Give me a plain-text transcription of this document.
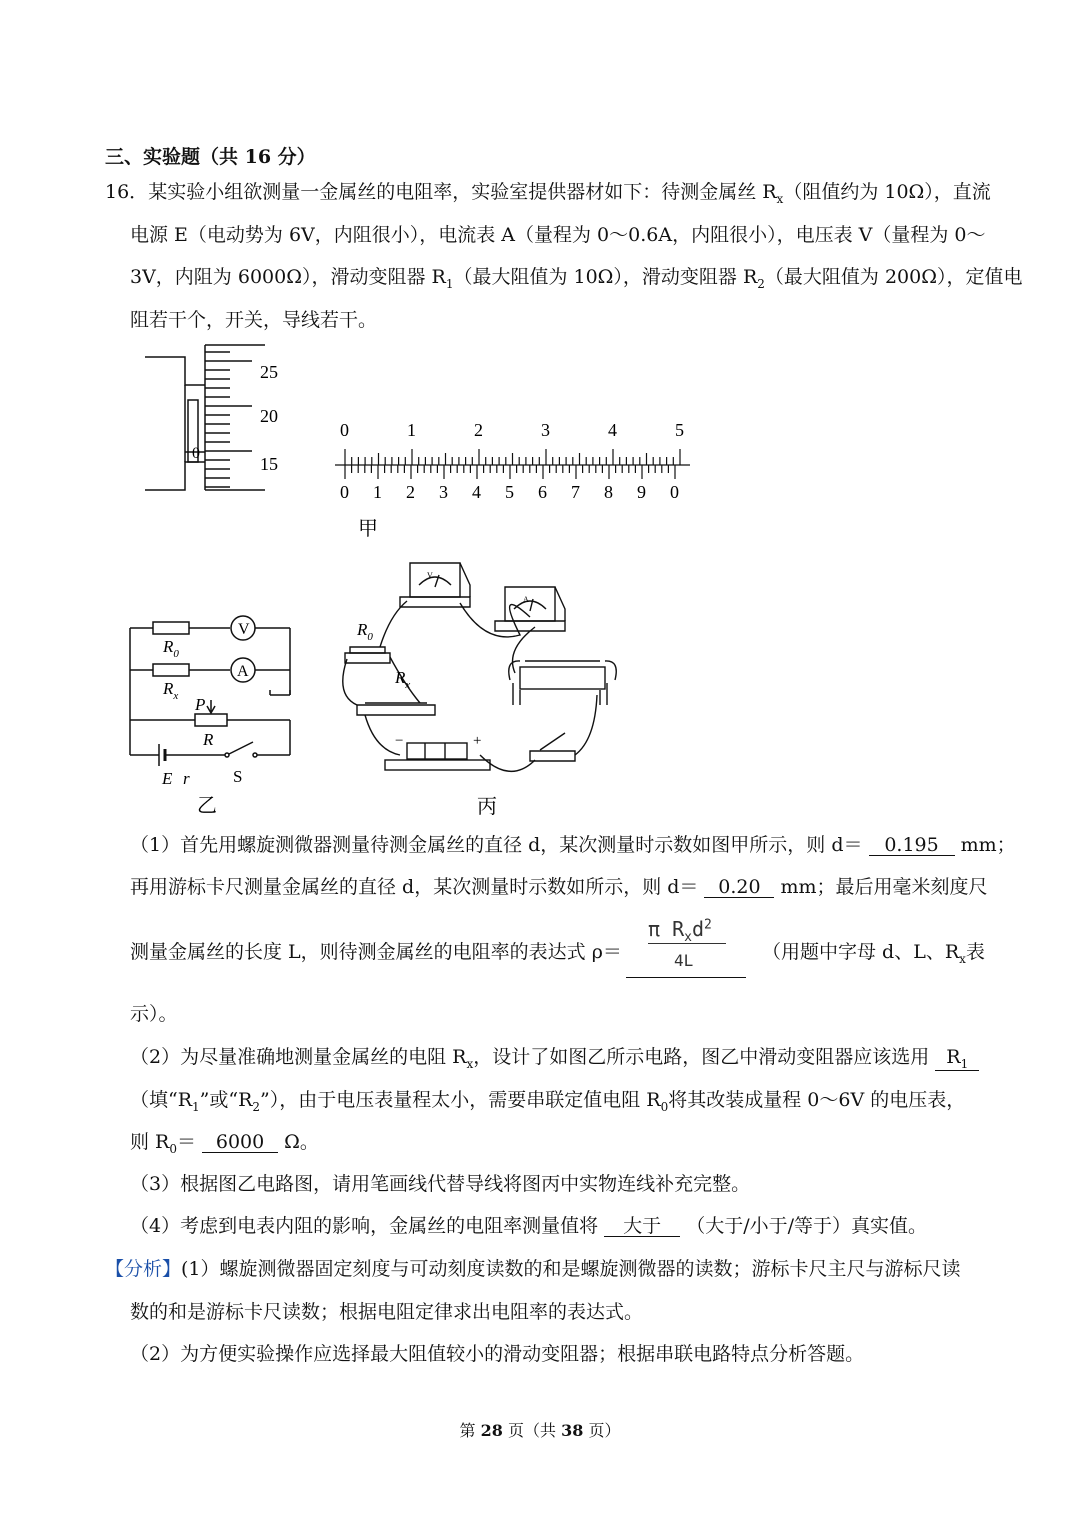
三、实验题（共 16 分）
16．某实验小组欲测量一金属丝的电阻率，实验室提供器材如下：待测金属丝 $R_x$（阻值约为 10Ω），直流
电源 E（电动势为 6V，内阻很小），电流表 A（量程为 0～0.6A，内阻很小），电压表 V（量程为 0～
3V，内阻为 6000Ω），滑动变阻器 $R_1$（最大阻值为 10Ω），滑动变阻器 $R_2$（最大阻值为 200Ω），定值电
阻若干个，开关，导线若干。
0
25
20
15
0	1	2	3	4	5
0 1 2 3 4 5 6 7 8 9 0
甲
V
A
$R_0$
$R_x$ P
R
E r	S
乙
V
A
$R_0$
$R_x$
−	+
丙
（1）首先用螺旋测微器测量待测金属丝的直径 d，某次测量时示数如图甲所示，则 d＝ 0.195 mm；
再用游标卡尺测量金属丝的直径 d，某次测量时示数如所示，则 d＝ 0.20 mm；最后用毫米刻度尺
测量金属丝的长度 L，则待测金属丝的电阻率的表达式 ρ＝
π $R_xd^2$
4L	（用题中字母 d、L、$R_x$表
示）。
（2）为尽量准确地测量金属丝的电阻 $R_x$，设计了如图乙所示电路，图乙中滑动变阻器应该选用 $R_1$
（填“$R_1$”或“$R_2$”），由于电压表量程太小，需要串联定值电阻 $R_0$将其改装成量程 0～6V 的电压表，
则 $R_0= 6000$ Ω。
（3）根据图乙电路图，请用笔画线代替导线将图丙中实物连线补充完整。
（4）考虑到电表内阻的影响，金属丝的电阻率测量值将 大于 （大于/小于/等于）真实值。
【分析】(1）螺旋测微器固定刻度与可动刻度读数的和是螺旋测微器的读数；游标卡尺主尺与游标尺读
数的和是游标卡尺读数；根据电阻定律求出电阻率的表达式。
（2）为方便实验操作应选择最大阻值较小的滑动变阻器；根据串联电路特点分析答题。
第 28 页（共 38 页）
